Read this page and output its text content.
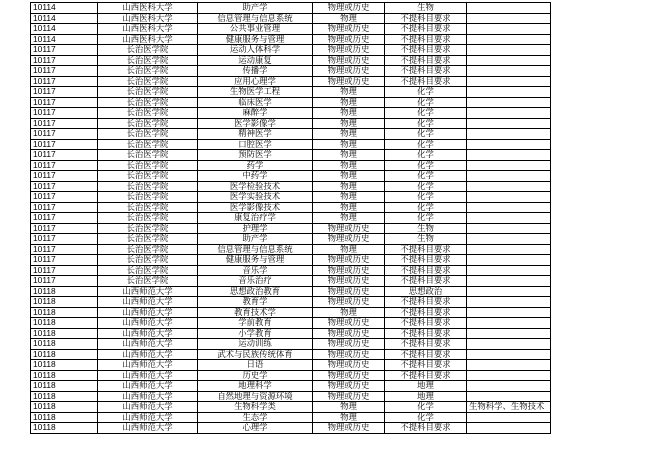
10114	山西医科大学	助产学	物理或历史	生物	
10114	山西医科大学	信息管理与信息系统	物理	不提科目要求	
10114	山西医科大学	公共事业管理	物理或历史	不提科目要求	
10114	山西医科大学	健康服务与管理	物理或历史	不提科目要求	
10117	长治医学院	运动人体科学	物理或历史	不提科目要求	
10117	长治医学院	运动康复	物理或历史	不提科目要求	
10117	长治医学院	传播学	物理或历史	不提科目要求	
10117	长治医学院	应用心理学	物理或历史	不提科目要求	
10117	长治医学院	生物医学工程	物理	化学	
10117	长治医学院	临床医学	物理	化学	
10117	长治医学院	麻醉学	物理	化学	
10117	长治医学院	医学影像学	物理	化学	
10117	长治医学院	精神医学	物理	化学	
10117	长治医学院	口腔医学	物理	化学	
10117	长治医学院	预防医学	物理	化学	
10117	长治医学院	药学	物理	化学	
10117	长治医学院	中药学	物理	化学	
10117	长治医学院	医学检验技术	物理	化学	
10117	长治医学院	医学实验技术	物理	化学	
10117	长治医学院	医学影像技术	物理	化学	
10117	长治医学院	康复治疗学	物理	化学	
10117	长治医学院	护理学	物理或历史	生物	
10117	长治医学院	助产学	物理或历史	生物	
10117	长治医学院	信息管理与信息系统	物理	不提科目要求	
10117	长治医学院	健康服务与管理	物理或历史	不提科目要求	
10117	长治医学院	音乐学	物理或历史	不提科目要求	
10117	长治医学院	音乐治疗	物理或历史	不提科目要求	
10118	山西师范大学	思想政治教育	物理或历史	思想政治	
10118	山西师范大学	教育学	物理或历史	不提科目要求	
10118	山西师范大学	教育技术学	物理	不提科目要求	
10118	山西师范大学	学前教育	物理或历史	不提科目要求	
10118	山西师范大学	小学教育	物理或历史	不提科目要求	
10118	山西师范大学	运动训练	物理或历史	不提科目要求	
10118	山西师范大学	武术与民族传统体育	物理或历史	不提科目要求	
10118	山西师范大学	日语	物理或历史	不提科目要求	
10118	山西师范大学	历史学	物理或历史	不提科目要求	
10118	山西师范大学	地理科学	物理或历史	地理	
10118	山西师范大学	自然地理与资源环境	物理或历史	地理	
10118	山西师范大学	生物科学类	物理	化学	生物科学、生物技术
10118	山西师范大学	生态学	物理	化学	
10118	山西师范大学	心理学	物理或历史	不提科目要求	
